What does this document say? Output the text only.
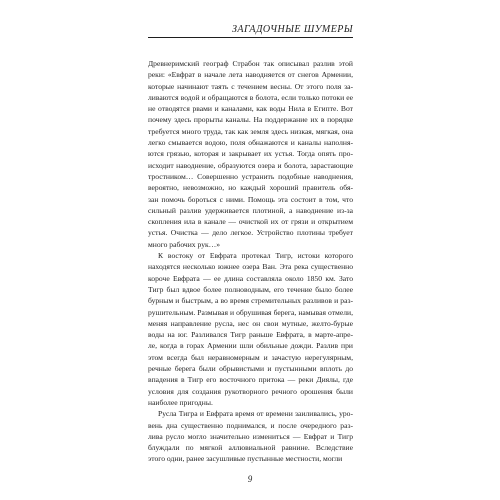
ЗАГАДОЧНЫЕ ШУМЕРЫ
Древнеримский географ Страбон так описывал разлив этой
реки: «Евфрат в начале лета наводняется от снегов Армении,
которые начинают таять с течением весны. От этого поля за-
ливаются водой и обращаются в болота, если только потоки ее
не отводятся рвами и каналами, как воды Нила в Египте. Вот
почему здесь прорыты каналы. На поддержание их в порядке
требуется много труда, так как земля здесь низкая, мягкая, она
легко смывается водою, поля обнажаются и каналы наполня-
ются грязью, которая и закрывает их устья. Тогда опять про-
исходит наводнение, образуются озера и болота, зарастающие
тростником… Совершенно устранить подобные наводнения,
вероятно, невозможно, но каждый хороший правитель обя-
зан помочь бороться с ними. Помощь эта состоит в том, что
сильный разлив удерживается плотиной, а наводнение из-за
скопления ила в канале — очисткой их от грязи и открытием
устья. Очистка — дело легкое. Устройство плотины требует
много рабочих рук…»
К востоку от Евфрата протекал Тигр, истоки которого
находятся несколько южнее озера Ван. Эта река существенно
короче Евфрата — ее длина составляла около 1850 км. Зато
Тигр был вдвое более полноводным, его течение было более
бурным и быстрым, а во время стремительных разливов и раз-
рушительным. Размывая и обрушивая берега, намывая отмели,
меняя направление русла, нес он свои мутные, желто-бурые
воды на юг. Разливался Тигр раньше Евфрата, в марте-апре-
ле, когда в горах Армении шли обильные дожди. Разлив при
этом всегда был неравномерным и зачастую нерегулярным,
речные берега были обрывистыми и пустынными вплоть до
впадения в Тигр его восточного притока — реки Диялы, где
условия для создания рукотворного речного орошения были
наиболее пригодны.
Русла Тигра и Евфрата время от времени заиливались, уро-
вень дна существенно поднимался, и после очередного раз-
лива русло могло значительно измениться — Евфрат и Тигр
блуждали по мягкой аллювиальной равнине. Вследствие
этого одни, ранее засушливые пустынные местности, могли
9
